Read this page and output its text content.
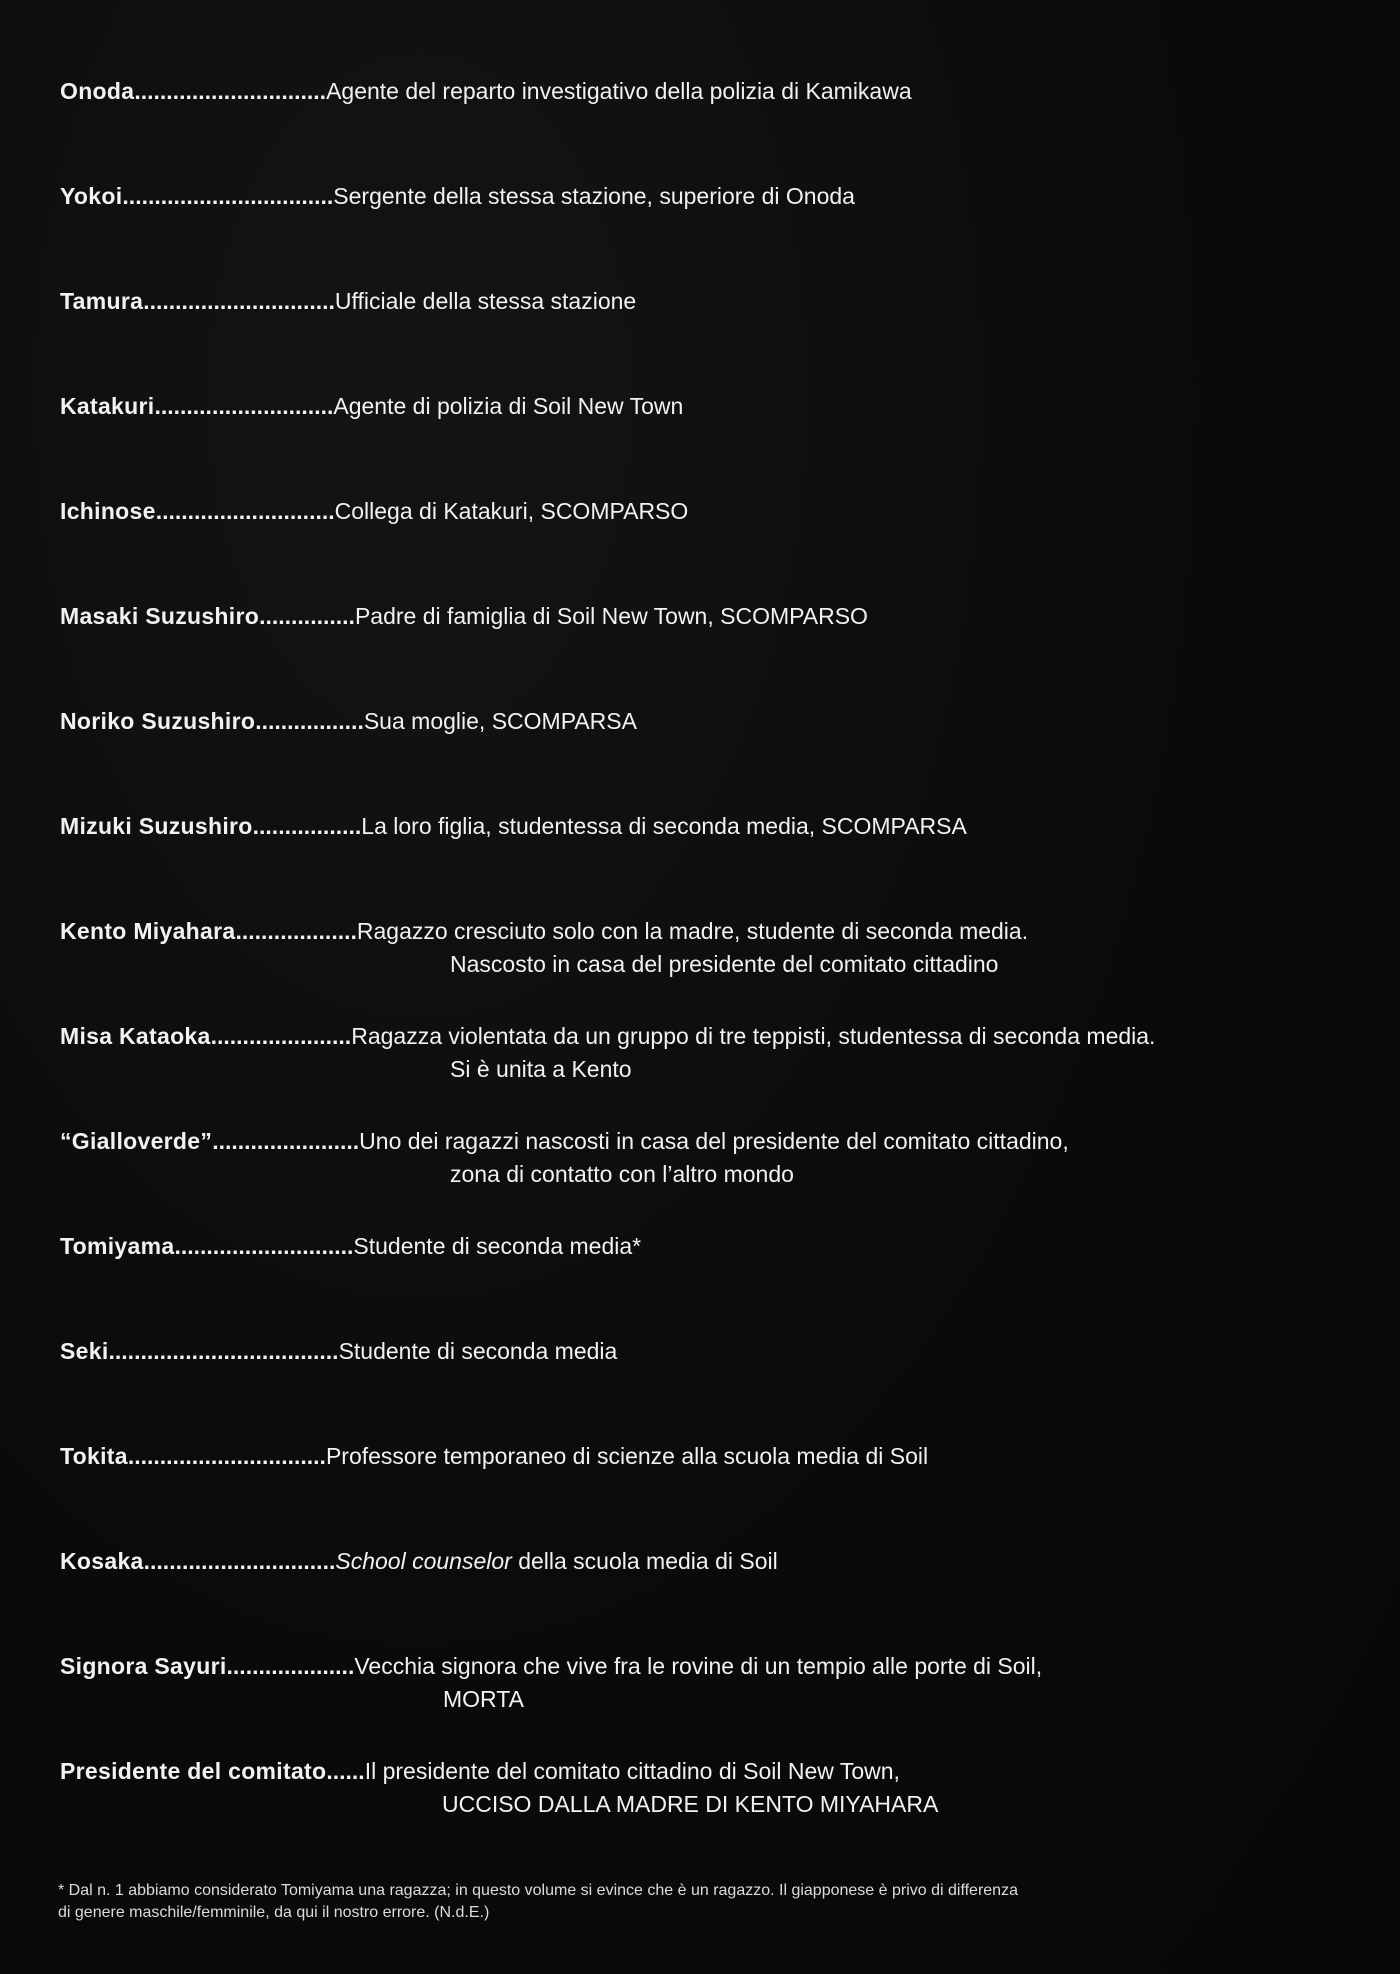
Onoda .............................. Agente del reparto investigativo della polizia di Kamikawa
Yokoi ................................. Sergente della stessa stazione, superiore di Onoda
Tamura .............................. Ufficiale della stessa stazione
Katakuri ............................ Agente di polizia di Soil New Town
Ichinose ............................ Collega di Katakuri, SCOMPARSO
Masaki Suzushiro ............... Padre di famiglia di Soil New Town, SCOMPARSO
Noriko Suzushiro ................. Sua moglie, SCOMPARSA
Mizuki Suzushiro ................. La loro figlia, studentessa di seconda media, SCOMPARSA
Kento Miyahara ................... Ragazzo cresciuto solo con la madre, studente di seconda media.
Nascosto in casa del presidente del comitato cittadino
Misa Kataoka ...................... Ragazza violentata da un gruppo di tre teppisti, studentessa di seconda media.
Si è unita a Kento
“Gialloverde” ....................... Uno dei ragazzi nascosti in casa del presidente del comitato cittadino,
zona di contatto con l’altro mondo
Tomiyama ............................ Studente di seconda media*
Seki .................................... Studente di seconda media
Tokita ............................... Professore temporaneo di scienze alla scuola media di Soil
Kosaka .............................. School counselor della scuola media di Soil
Signora Sayuri .................... Vecchia signora che vive fra le rovine di un tempio alle porte di Soil,
MORTA
Presidente del comitato ...... Il presidente del comitato cittadino di Soil New Town,
UCCISO DALLA MADRE DI KENTO MIYAHARA
* Dal n. 1 abbiamo considerato Tomiyama una ragazza; in questo volume si evince che è un ragazzo. Il giapponese è privo di differenza
di genere maschile/femminile, da qui il nostro errore. (N.d.E.)
